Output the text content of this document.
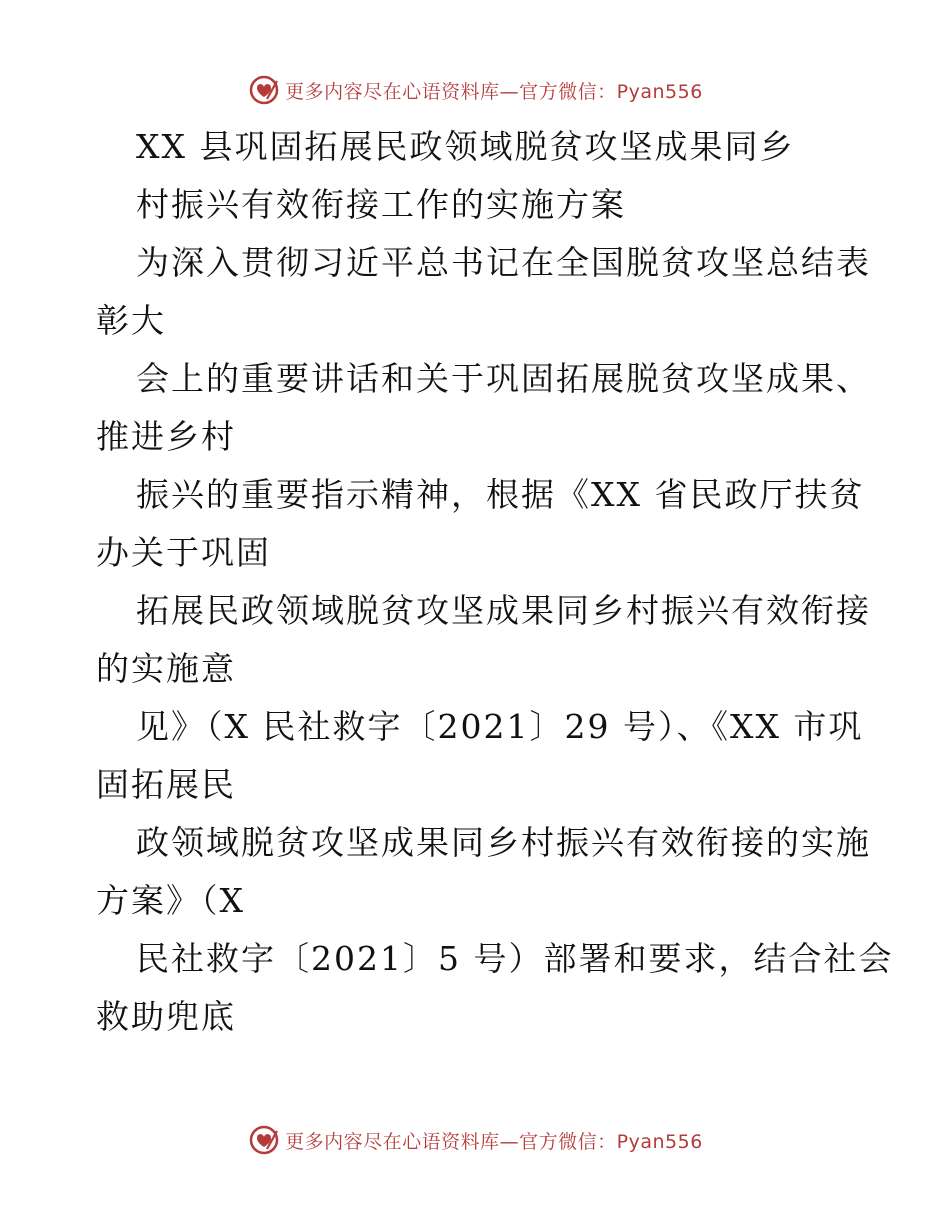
更多内容尽在心语资料库—官方微信：Pyan556
XX 县巩固拓展民政领域脱贫攻坚成果同乡
村振兴有效衔接工作的实施方案
为深入贯彻习近平总书记在全国脱贫攻坚总结表
彰大
会上的重要讲话和关于巩固拓展脱贫攻坚成果、
推进乡村
振兴的重要指示精神，根据《XX 省民政厅扶贫
办关于巩固
拓展民政领域脱贫攻坚成果同乡村振兴有效衔接
的实施意
见》（X 民社救字〔2021〕29 号）、《XX 市巩
固拓展民
政领域脱贫攻坚成果同乡村振兴有效衔接的实施
方案》（X
民社救字〔2021〕5 号）部署和要求，结合社会
救助兜底
更多内容尽在心语资料库—官方微信：Pyan556
